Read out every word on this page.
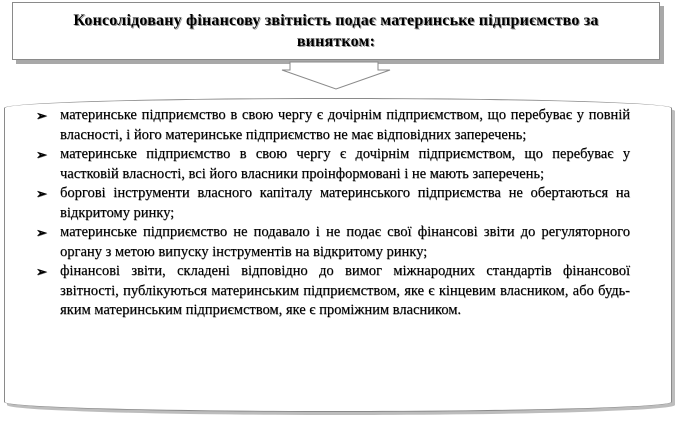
Консолідовану фінансову звітність подає материнське підприємство за винятком:
➢ материнське підприємство в свою чергу є дочірнім підприємством, що перебуває у повній власності, і його материнське підприємство не має відповідних заперечень;
➢ материнське підприємство в свою чергу є дочірнім підприємством, що перебуває у частковій власності, всі його власники проінформовані і не мають заперечень;
➢ боргові інструменти власного капіталу материнського підприємства не обертаються на відкритому ринку;
➢ материнське підприємство не подавало і не подає свої фінансові звіти до регуляторного органу з метою випуску інструментів на відкритому ринку;
➢ фінансові звіти, складені відповідно до вимог міжнародних стандартів фінансової звітності, публікуються материнським підприємством, яке є кінцевим власником, або будь-яким материнським підприємством, яке є проміжним власником.
